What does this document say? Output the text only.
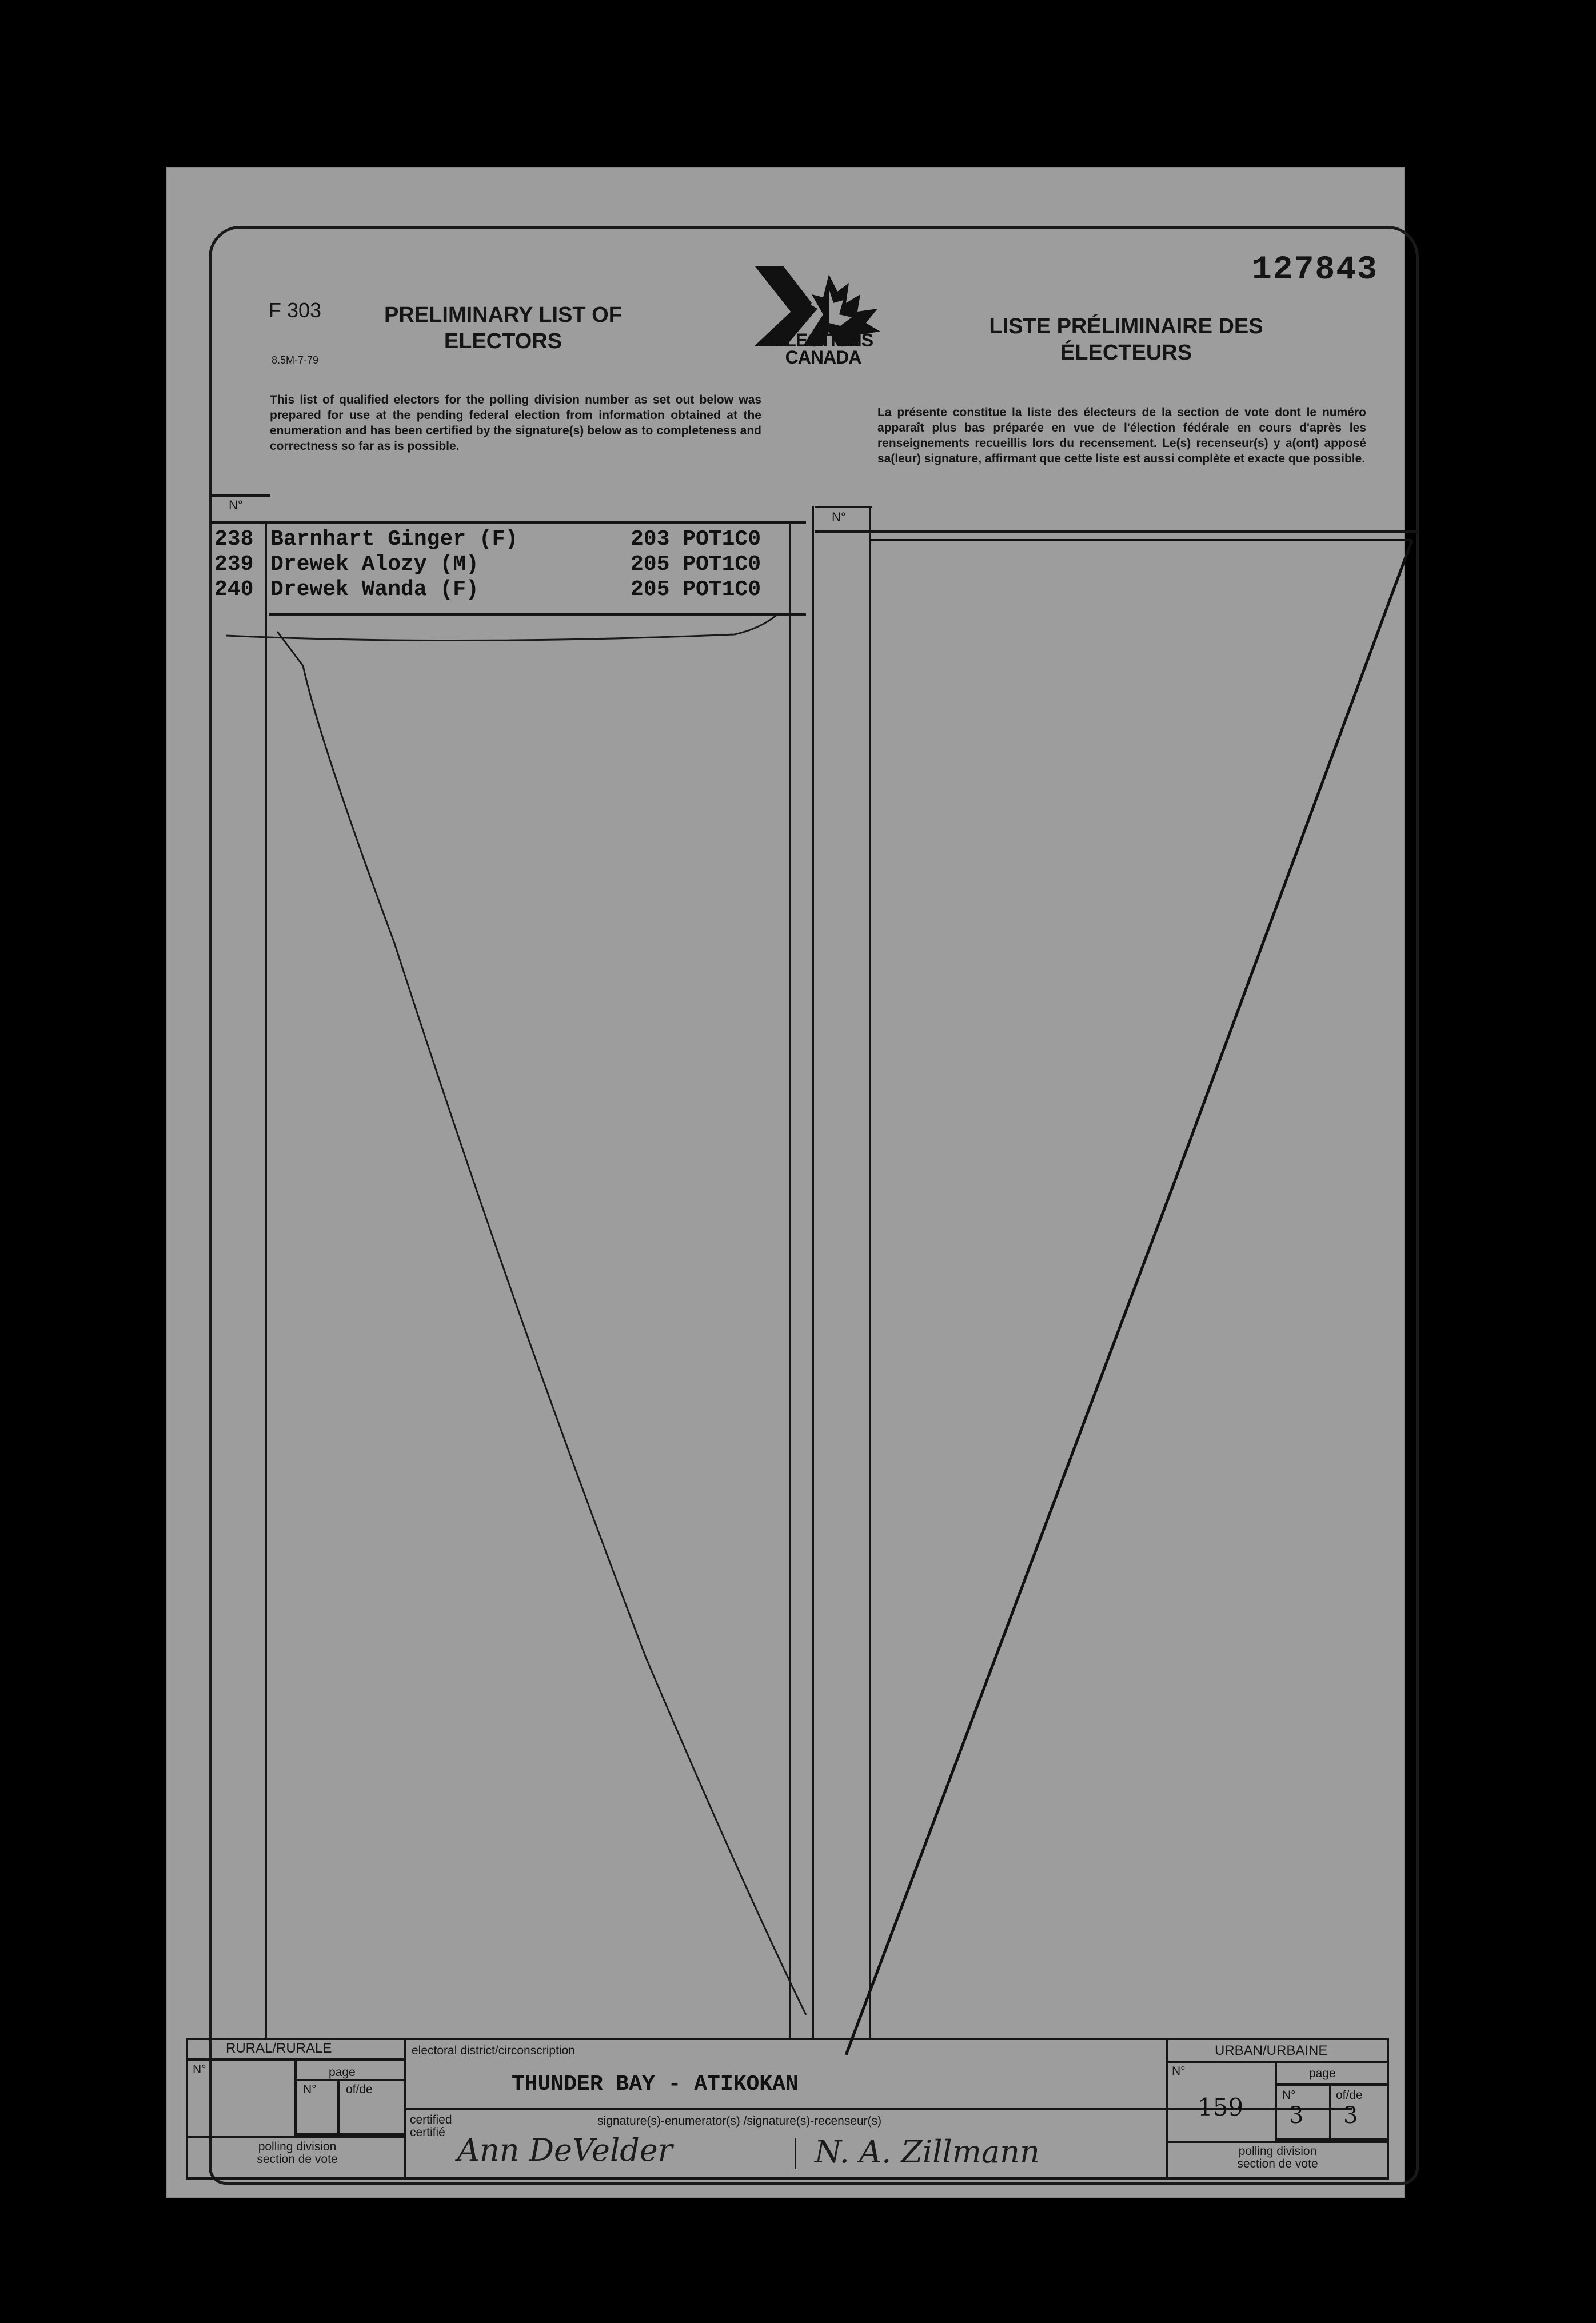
127843
F 303
8.5M-7-79
PRELIMINARY LIST OF ELECTORS
LISTE PRÉLIMINAIRE DES ÉLECTEURS
ELECTIONS
CANADA
This list of qualified electors for the polling division number as set out below was prepared for use at the pending federal election from information obtained at the enumeration and has been certified by the signature(s) below as to completeness and correctness so far as is possible.
La présente constitue la liste des électeurs de la section de vote dont le numéro apparaît plus bas préparée en vue de l'élection fédérale en cours d'après les renseignements recueillis lors du recensement. Le(s) recenseur(s) y a(ont) apposé sa(leur) signature, affirmant que cette liste est aussi complète et exacte que possible.
N°
N°
238 Barnhart Ginger (F)	203 POT1C0
239 Drewek Alozy (M)	205 POT1C0
240 Drewek Wanda (F)	205 POT1C0
RURAL/RURALE
N°	page
N° of/de
polling division
section de vote
electoral district/circonscription
THUNDER BAY - ATIKOKAN
certified
certifié
signature(s)-enumerator(s) /signature(s)-recenseur(s)
Ann DeVelder	N. A. Zillmann
URBAN/URBAINE
N°
159
page
N°
3
of/de
3
polling division
section de vote
